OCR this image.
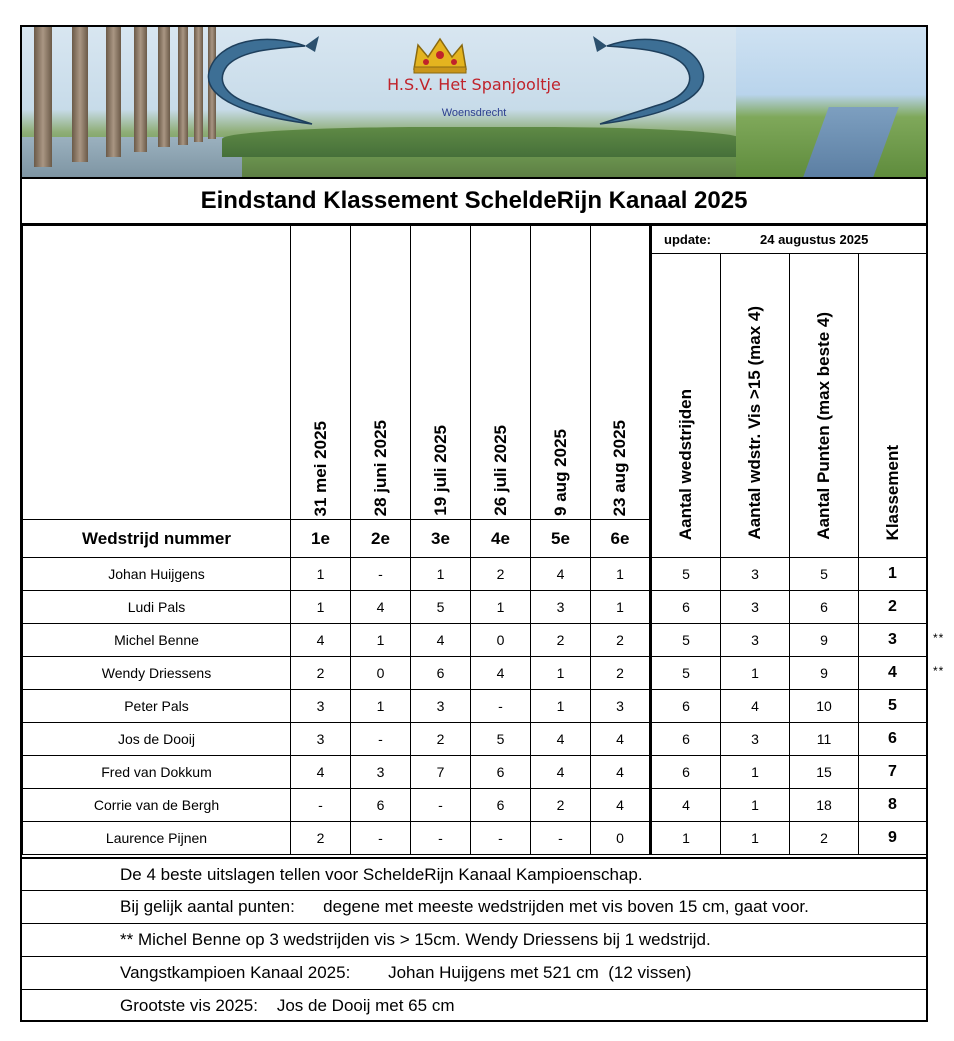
H.S.V. Het Spanjooltje
Woensdrecht
Eindstand Klassement ScheldeRijn Kanaal 2025
	31 mei 2025	28 juni 2025	19 juli 2025	26 juli 2025	9 aug 2025	23 aug 2025	update: 24 augustus 2025			
							Aantal wedstrijden	Aantal wdstr. Vis >15 (max 4)	Aantal Punten (max beste 4)	Klassement
Wedstrijd nummer	1e	2e	3e	4e	5e	6e				
Johan Huijgens	1	-	1	2	4	1	5	3	5	1
Ludi Pals	1	4	5	1	3	1	6	3	6	2
Michel Benne	4	1	4	0	2	2	5	3	9	3
Wendy Driessens	2	0	6	4	1	2	5	1	9	4
Peter Pals	3	1	3	-	1	3	6	4	10	5
Jos de Dooij	3	-	2	5	4	4	6	3	11	6
Fred van Dokkum	4	3	7	6	4	4	6	1	15	7
Corrie van de Bergh	-	6	-	6	2	4	4	1	18	8
Laurence Pijnen	2	-	-	-	-	0	1	1	2	9
De 4 beste uitslagen tellen voor ScheldeRijn Kanaal Kampioenschap.
Bij gelijk aantal punten:      degene met meeste wedstrijden met vis boven 15 cm, gaat voor.
** Michel Benne op 3 wedstrijden vis > 15cm. Wendy Driessens bij 1 wedstrijd.
Vangstkampioen Kanaal 2025:        Johan Huijgens met 521 cm  (12 vissen)
Grootste vis 2025:    Jos de Dooij met 65 cm
**
**
